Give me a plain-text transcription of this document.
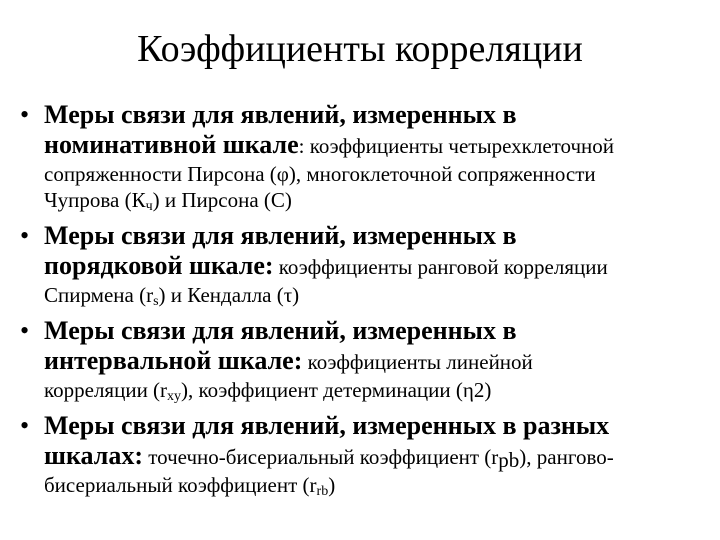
Коэффициенты корреляции
• Меры связи для явлений, измеренных в
номинативной шкале: коэффициенты четырехклеточной
сопряженности Пирсона (φ), многоклеточной сопряженности
Чупрова $(К_ч)$ и Пирсона (С)
• Меры связи для явлений, измеренных в
порядковой шкале: коэффициенты ранговой корреляции
Спирмена $(r_s)$ и Кендалла (τ)
• Меры связи для явлений, измеренных в
интервальной шкале: коэффициенты линейной
корреляции $(r_{xy})$, коэффициент детерминации (η2)
• Меры связи для явлений, измеренных в разных
шкалах: точечно-бисериальный коэффициент $(r_{pb})$, рангово-
бисериальный коэффициент $(r_{rb})$
